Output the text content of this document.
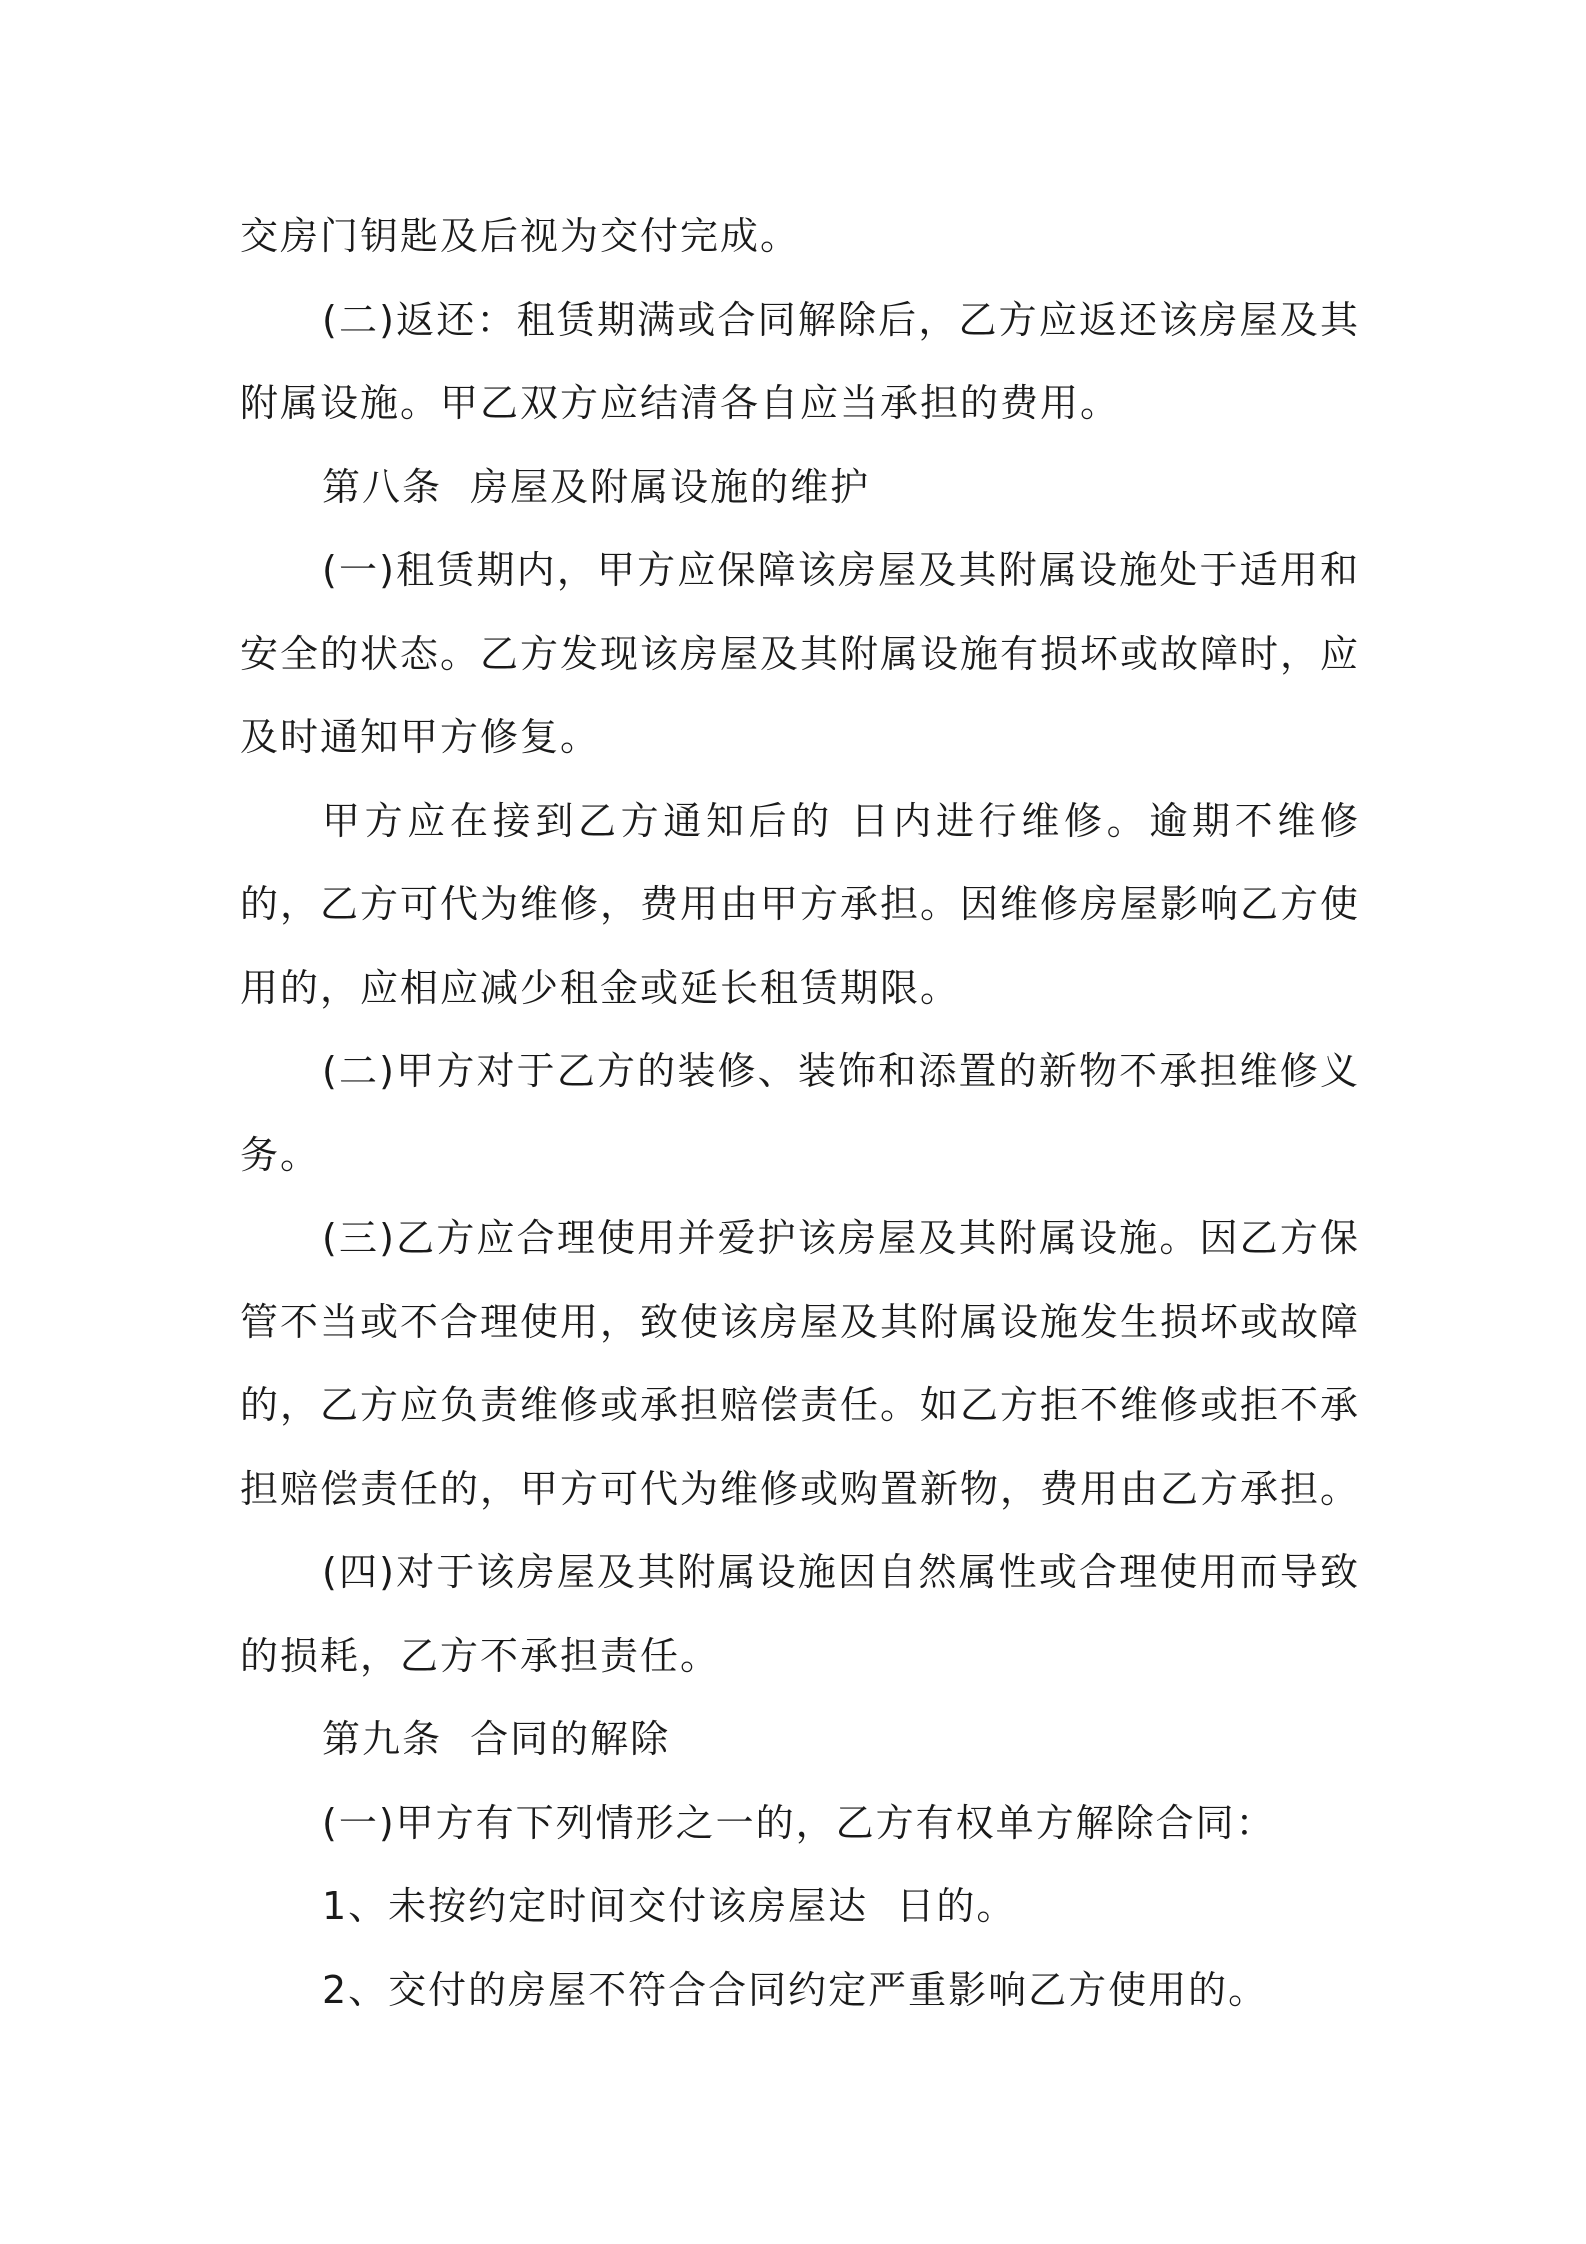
交房门钥匙及后视为交付完成。

(二)返还：租赁期满或合同解除后，乙方应返还该房屋及其附属设施。甲乙双方应结清各自应当承担的费用。

第八条  房屋及附属设施的维护

(一)租赁期内，甲方应保障该房屋及其附属设施处于适用和安全的状态。乙方发现该房屋及其附属设施有损坏或故障时，应及时通知甲方修复。

甲方应在接到乙方通知后的 日内进行维修。逾期不维修的，乙方可代为维修，费用由甲方承担。因维修房屋影响乙方使用的，应相应减少租金或延长租赁期限。

(二)甲方对于乙方的装修、装饰和添置的新物不承担维修义务。

(三)乙方应合理使用并爱护该房屋及其附属设施。因乙方保管不当或不合理使用，致使该房屋及其附属设施发生损坏或故障的，乙方应负责维修或承担赔偿责任。如乙方拒不维修或拒不承担赔偿责任的，甲方可代为维修或购置新物，费用由乙方承担。

(四)对于该房屋及其附属设施因自然属性或合理使用而导致的损耗，乙方不承担责任。

第九条  合同的解除

(一)甲方有下列情形之一的，乙方有权单方解除合同：

1、未按约定时间交付该房屋达  日的。

2、交付的房屋不符合合同约定严重影响乙方使用的。
